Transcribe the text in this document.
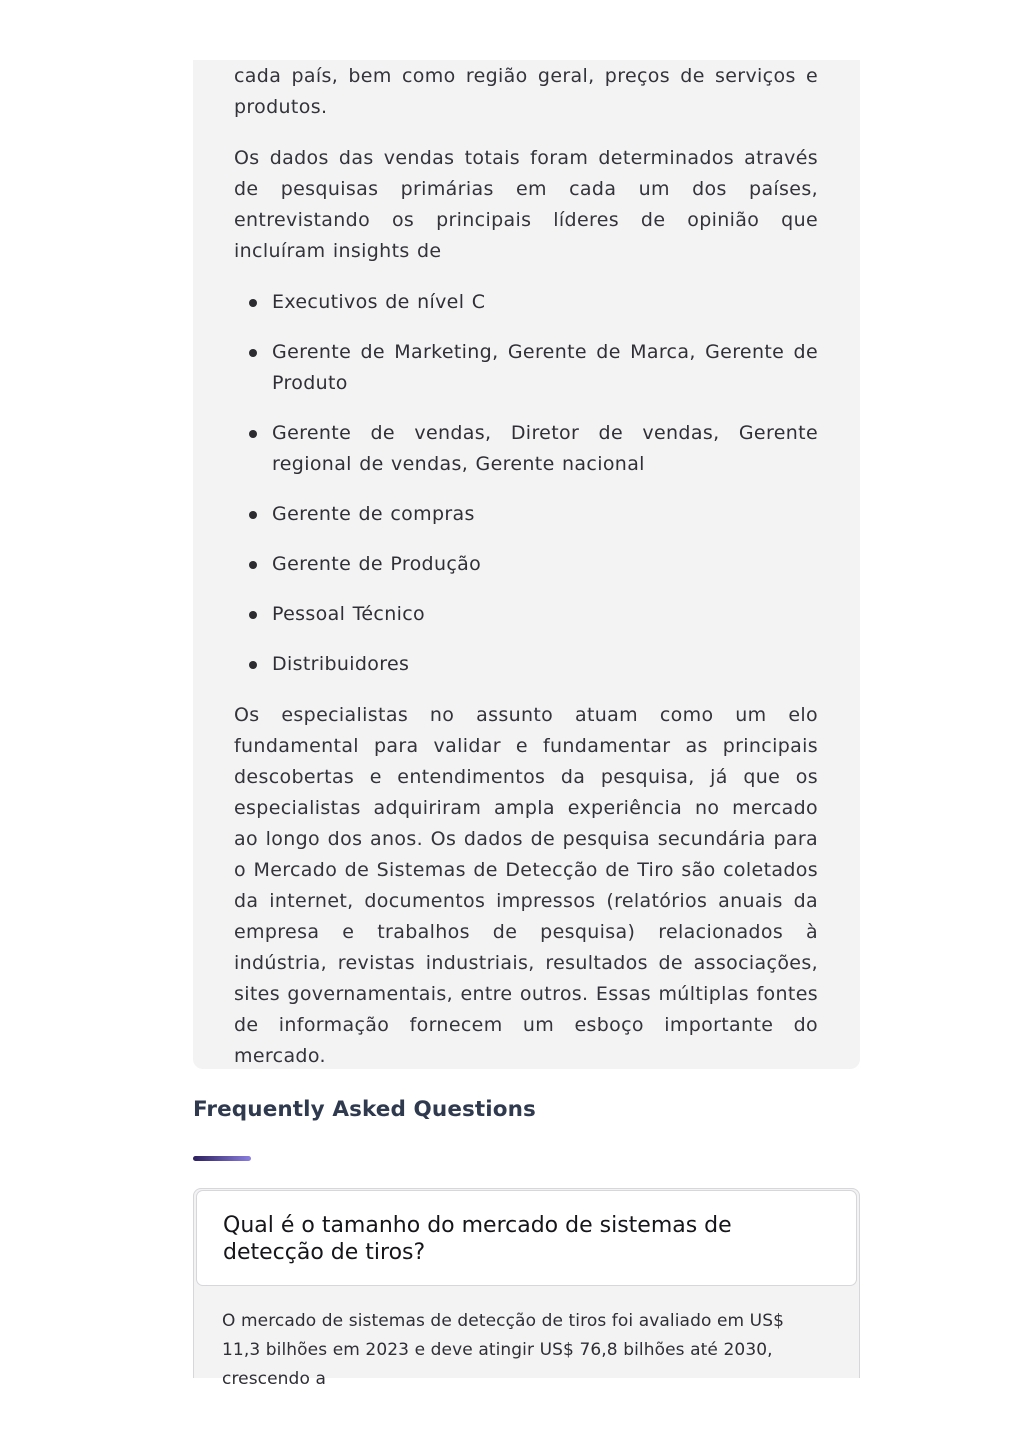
cada país, bem como região geral, preços de serviços e produtos.

Os dados das vendas totais foram determinados através de pesquisas primárias em cada um dos países, entrevistando os principais líderes de opinião que incluíram insights de

Executivos de nível C
Gerente de Marketing, Gerente de Marca, Gerente de Produto
Gerente de vendas, Diretor de vendas, Gerente regional de vendas, Gerente nacional
Gerente de compras
Gerente de Produção
Pessoal Técnico
Distribuidores

Os especialistas no assunto atuam como um elo fundamental para validar e fundamentar as principais descobertas e entendimentos da pesquisa, já que os especialistas adquiriram ampla experiência no mercado ao longo dos anos. Os dados de pesquisa secundária para o Mercado de Sistemas de Detecção de Tiro são coletados da internet, documentos impressos (relatórios anuais da empresa e trabalhos de pesquisa) relacionados à indústria, revistas industriais, resultados de associações, sites governamentais, entre outros. Essas múltiplas fontes de informação fornecem um esboço importante do mercado.

Frequently Asked Questions
Qual é o tamanho do mercado de sistemas de detecção de tiros?
O mercado de sistemas de detecção de tiros foi avaliado em US$ 11,3 bilhões em 2023 e deve atingir US$ 76,8 bilhões até 2030, crescendo a
